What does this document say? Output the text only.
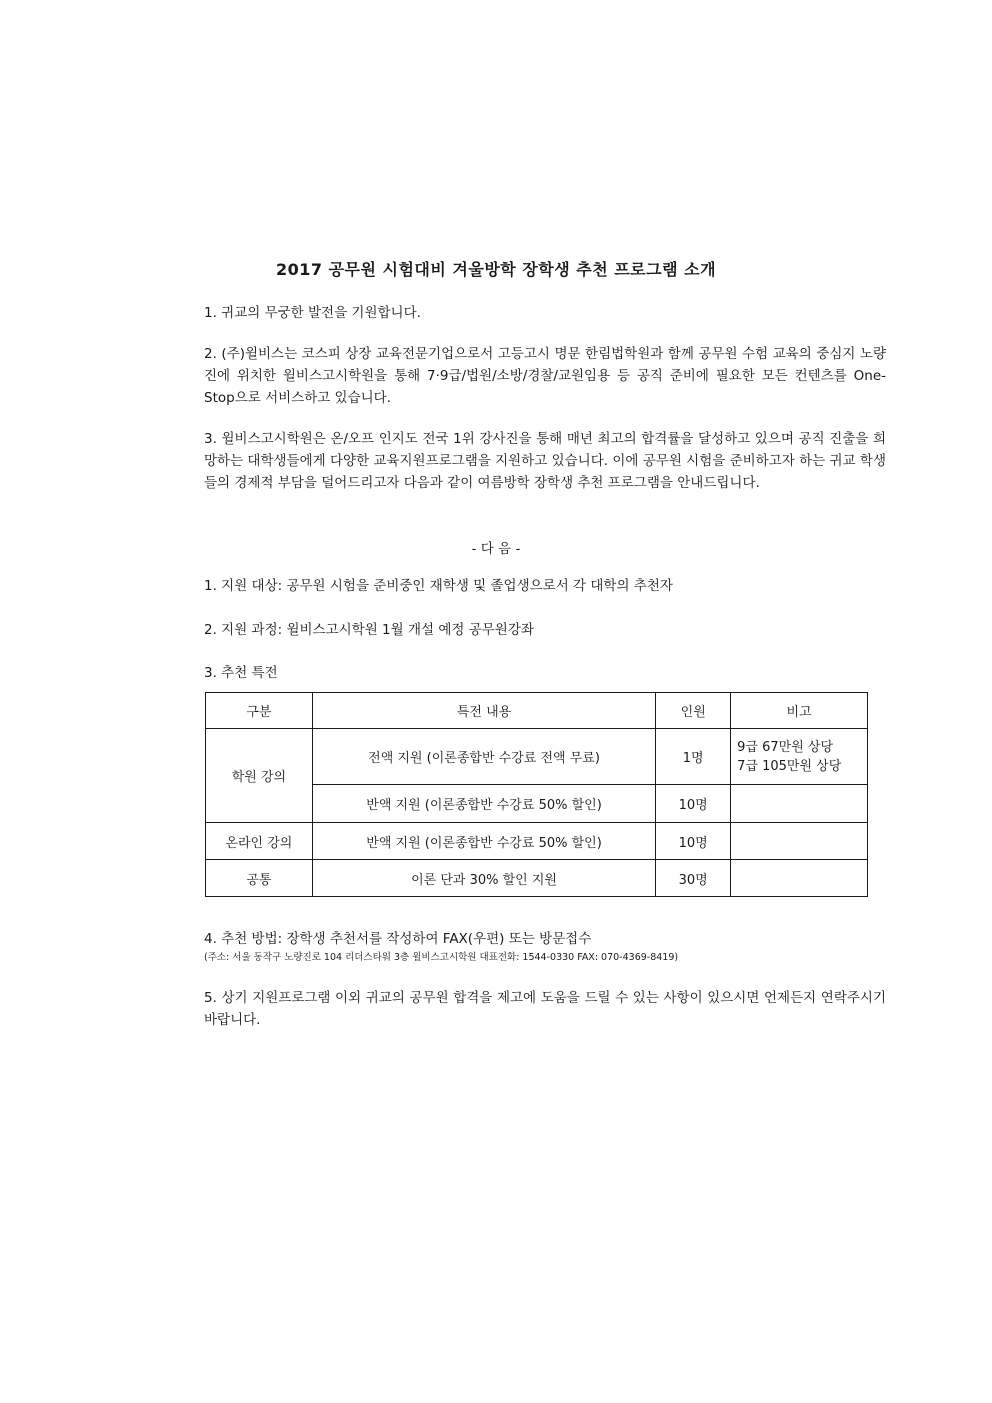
2017 공무원 시험대비 겨울방학 장학생 추천 프로그램 소개
1. 귀교의 무궁한 발전을 기원합니다.
2. (주)윌비스는 코스피 상장 교육전문기업으로서 고등고시 명문 한림법학원과 함께 공무원 수험 교육의 중심지 노량진에 위치한 윌비스고시학원을 통해 7·9급/법원/소방/경찰/교원임용 등 공직 준비에 필요한 모든 컨텐츠를 One-Stop으로 서비스하고 있습니다.
3. 윌비스고시학원은 온/오프 인지도 전국 1위 강사진을 통해 매년 최고의 합격률을 달성하고 있으며 공직 진출을 희망하는 대학생들에게 다양한 교육지원프로그램을 지원하고 있습니다. 이에 공무원 시험을 준비하고자 하는 귀교 학생들의 경제적 부담을 덜어드리고자 다음과 같이 여름방학 장학생 추천 프로그램을 안내드립니다.
- 다 음 -
1. 지원 대상: 공무원 시험을 준비중인 재학생 및 졸업생으로서 각 대학의 추천자
2. 지원 과정: 윌비스고시학원 1월 개설 예정 공무원강좌
3. 추천 특전
구분	특전 내용	인원	비고
학원 강의	전액 지원 (이론종합반 수강료 전액 무료)	1명	9급 67만원 상당
7급 105만원 상당

	반액 지원 (이론종합반 수강료 50% 할인)	10명	
온라인 강의	반액 지원 (이론종합반 수강료 50% 할인)	10명	
공통	이론 단과 30% 할인 지원	30명	
4. 추천 방법: 장학생 추천서를 작성하여 FAX(우편) 또는 방문접수
(주소: 서울 동작구 노량진로 104 리더스타워 3층 윌비스고시학원 대표전화: 1544-0330 FAX: 070-4369-8419)
5. 상기 지원프로그램 이외 귀교의 공무원 합격을 제고에 도움을 드릴 수 있는 사항이 있으시면 언제든지 연락주시기 바랍니다.
